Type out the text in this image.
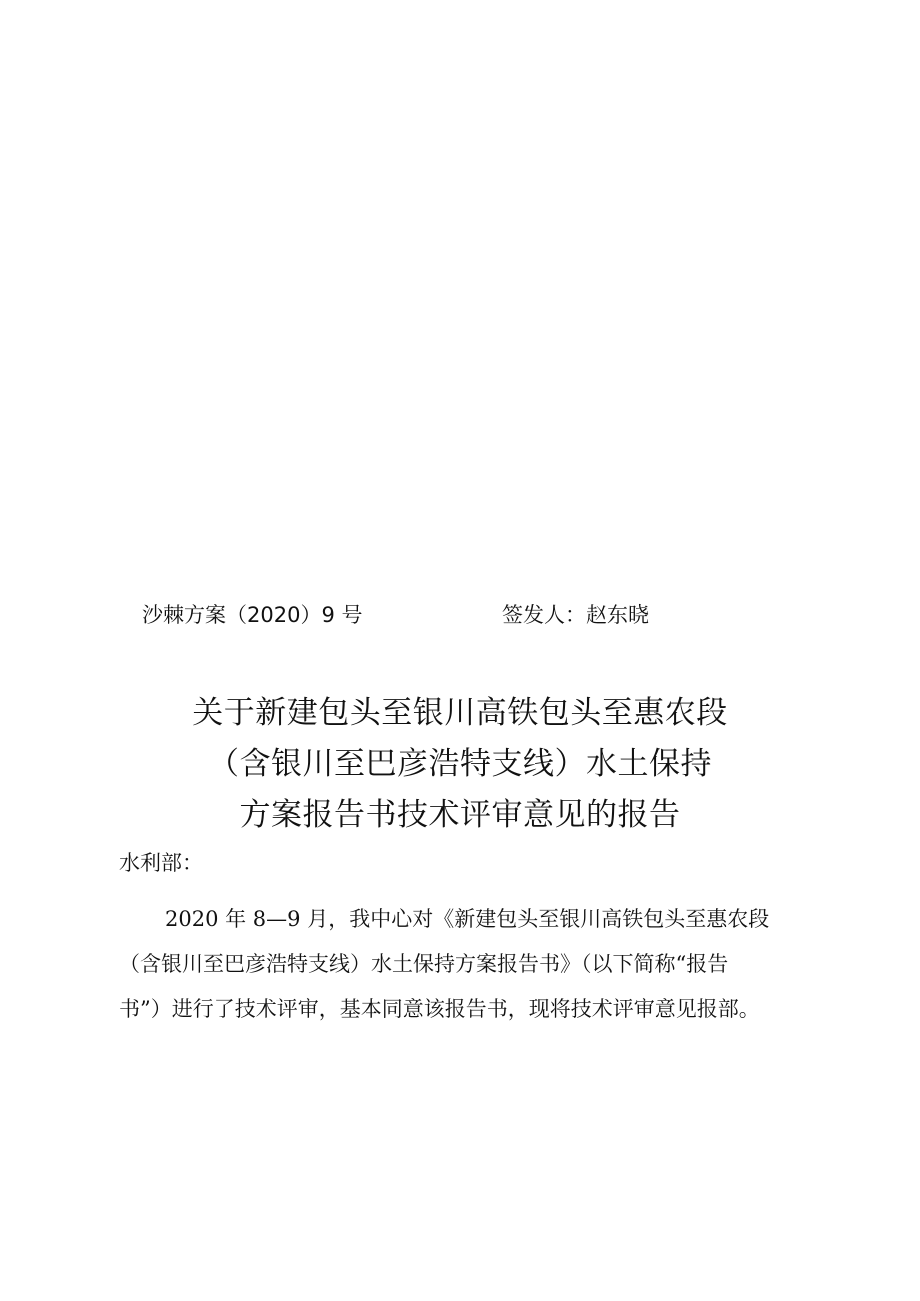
沙棘方案（2020）9 号	签发人：赵东晓
关于新建包头至银川高铁包头至惠农段
（含银川至巴彦浩特支线）水土保持
方案报告书技术评审意见的报告
水利部：
2020 年 8—9 月，我中心对《新建包头至银川高铁包头至惠农段
（含银川至巴彦浩特支线）水土保持方案报告书》（以下简称“报告
书”）进行了技术评审，基本同意该报告书，现将技术评审意见报部。
